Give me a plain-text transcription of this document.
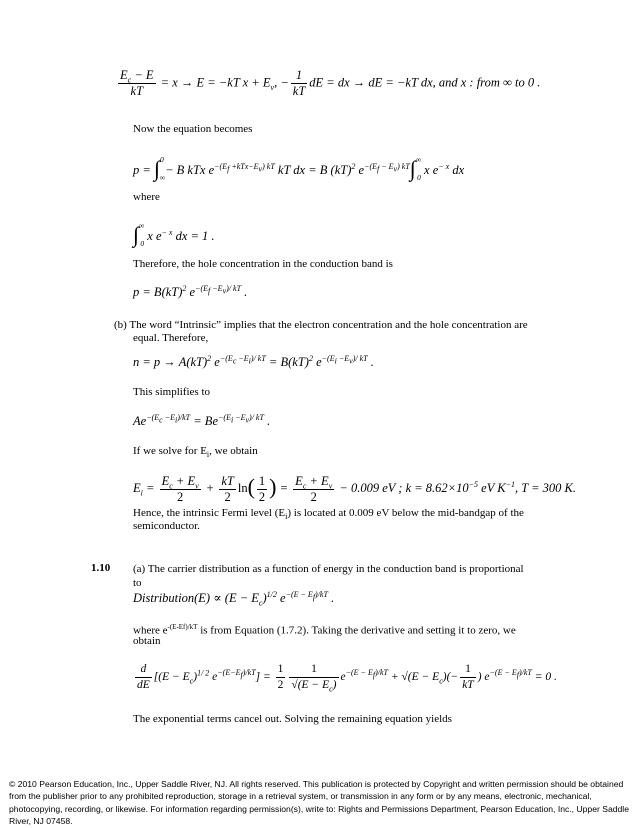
$\frac{E_c - E}{kT} = x \to E = -kT$ $x + E_v$, − $\frac{1}{kT}$ dE = dx → dE = −kT dx, and x : from ∞ to 0 .
Now the equation becomes
p = ∫$^0_\infty$− B kTx $e^{-(E_f +kTx-E_v) kT}$ kT dx = B (kT)$^2$ $e^{-(E_f - E_v) kT}\int^\infty_0$ x $e^{- x}$ dx
where
$\int^\infty_0$ x $e^{- x}$ dx = 1 .
Therefore, the hole concentration in the conduction band is
p = B(kT)$^2$ $e^{-(E_f -E_v)/ kT}$ .
(b) The word “Intrinsic” implies that the electron concentration and the hole concentration are
equal. Therefore,
n = p → A(kT)$^2$ $e^{-(E_c -E_i)/ kT} = B(kT)^2$ $e^{-(E_i -E_v)/ kT}$ .
This simplifies to
$Ae^{-(E_c -E_i)/kT} = Be^{-(E_i -E_v)/ kT}$ .
If we solve for $E_i$, we obtain
$E_i = \frac{E_c + E_v}{2} + \frac{kT}{2} \ln( \frac{1}{2}$ ) = $\frac{E_c + E_v}{2} - 0.009$ eV ; $k = 8.62\times 10^{-5}$ eV $K^{-1}$, T = 300 K.
Hence, the intrinsic Fermi level $(E_i)$ is located at 0.009 eV below the mid-bandgap of the
semiconductor.
1.10 (a) The carrier distribution as a function of energy in the conduction band is proportional
to
Distribution(E) ∝ $(E - E_c)^{1/2}$ $e^{-(E - E_f)/kT}$ .
where $e^{-(E-Ef)/kT}$ is from Equation (1.7.2). Taking the derivative and setting it to zero, we
obtain
$\frac{d}{dE} [(E - E_c)^{1/ 2}$ $e^{-(E-E_f)/kT}] = \frac{1}{2} \frac{1}{√(E - E_c)} e^{-(E - E_f)/kT} + √(E - E_c)(- \frac{1}{kT}$ ) $e^{-(E - E_f)/kT} = 0$ .
The exponential terms cancel out. Solving the remaining equation yields
© 2010 Pearson Education, Inc., Upper Saddle River, NJ. All rights reserved. This publication is protected by Copyright and written permission should be obtained from the publisher prior to any prohibited reproduction, storage in a retrieval system, or transmission in any form or by any means, electronic, mechanical, photocopying, recording, or likewise. For information regarding permission(s), write to: Rights and Permissions Department, Pearson Education, Inc., Upper Saddle River, NJ 07458.
